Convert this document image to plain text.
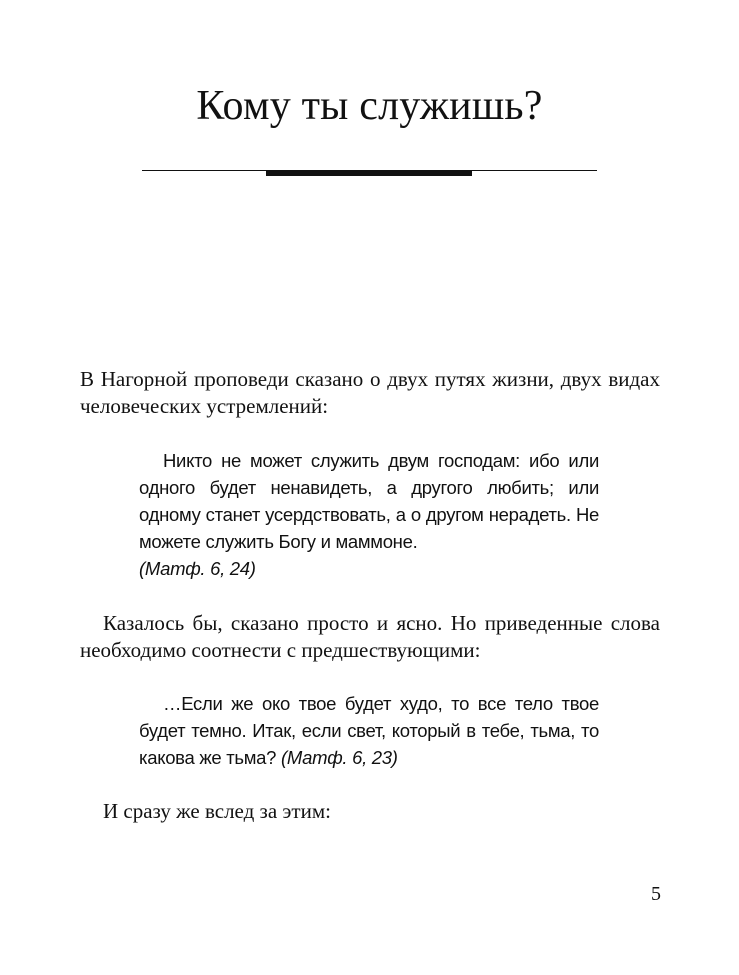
Кому ты служишь?

В Нагорной проповеди сказано о двух путях жизни, двух видах человеческих устремлений:

Никто не может служить двум господам: ибо или одного будет ненавидеть, а другого любить; или одному станет усердствовать, а о другом нерадеть. Не можете служить Богу и маммоне.
(Матф. 6, 24)

Казалось бы, сказано просто и ясно. Но приведенные слова необходимо соотнести с предшествующими:

…Если же око твое будет худо, то все тело твое будет темно. Итак, если свет, который в тебе, тьма, то какова же тьма? (Матф. 6, 23)

И сразу же вслед за этим:

5
